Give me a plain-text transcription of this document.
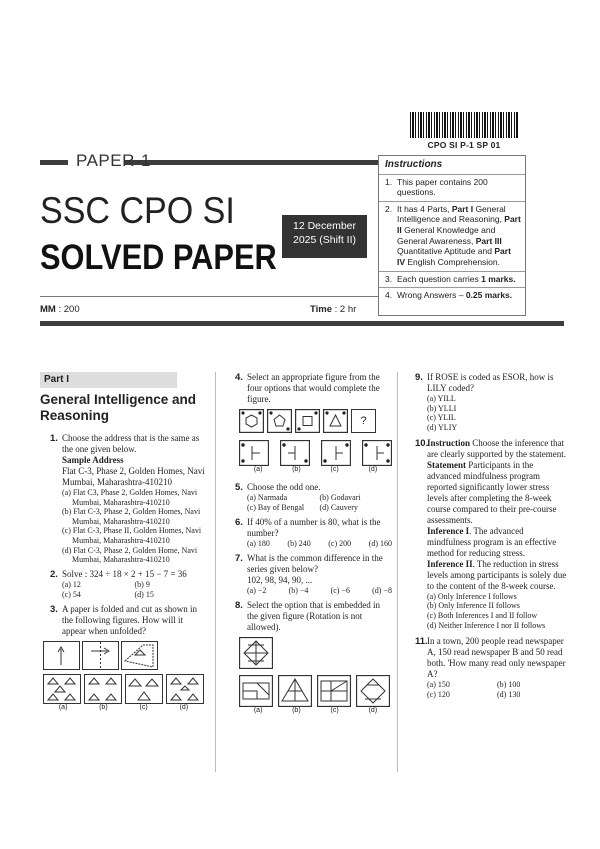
CPO SI P-1 SP 01
PAPER-1
SSC CPO SI
SOLVED PAPER
12 December
2025 (Shift II)
MM : 200	Time : 2 hr
Instructions
1. This paper contains 200 questions.
2. It has 4 Parts, Part I General Intelligence and Reasoning, Part II General Knowledge and General Awareness, Part III Quantitative Aptitude and Part IV English Comprehension.
3. Each question carries 1 marks.
4. Wrong Answers – 0.25 marks.
Part I
General Intelligence and Reasoning
1. Choose the address that is the same as the one given below.
Sample Address
Flat C-3, Phase 2, Golden Homes, Navi Mumbai, Maharashtra-410210
(a) Flat C3, Phase 2, Golden Homes, Navi Mumbai, Maharashtra-410210
(b) Flat C-3, Phase 2, Golden Homes, Navi Mumbai, Maharashtra-410210
(c) Flat C-3, Phase II, Golden Homes, Navi Mumbai, Maharashtra-410210
(d) Flat C-3, Phase 2, Golden Home, Navi Mumbai, Maharashtra-410210
2. Solve : 324 ÷ 18 × 2 + 15 − 7 = 36
(a) 12	(b) 9
(c) 54	(d) 15
3. A paper is folded and cut as shown in the following figures. How will it appear when unfolded?
(a)	(b)	(c)	(d)
4. Select an appropriate figure from the four options that would complete the figure.
?
(a)	(b)	(c)	(d)
5. Choose the odd one.
(a) Narmada	(b) Godavari
(c) Bay of Bengal	(d) Cauvery
6. If 40% of a number is 80, what is the number?
(a) 180 (b) 240 (c) 200 (d) 160
7. What is the common difference in the series given below?
102, 98, 94, 90, ...
(a) −2	(b) −4	(c) −6	(d) −8
8. Select the option that is embedded in the given figure (Rotation is not allowed).
(a)	(b)	(c)	(d)
9. If ROSE is coded as ESOR, how is LILY coded?
(a) YILL
(b) YLLI
(c) YLIL
(d) YLIY
10.
Instruction Choose the inference that are clearly supported by the statement.
Statement Participants in the advanced mindfulness program reported significantly lower stress levels after completing the 8-week course compared to their pre-course assessments.
Inference I. The advanced mindfulness program is an effective method for reducing stress.
Inference II. The reduction in stress levels among participants is solely due to the content of the 8-week course.
(a) Only Inference I follows
(b) Only Inference II follows
(c) Both Inferences I and II follow
(d) Neither Inference I nor II follows
11. In a town, 200 people read newspaper A, 150 read newspaper B and 50 read both. 'How many read only newspaper A?
(a) 150	(b) 100
(c) 120	(d) 130
